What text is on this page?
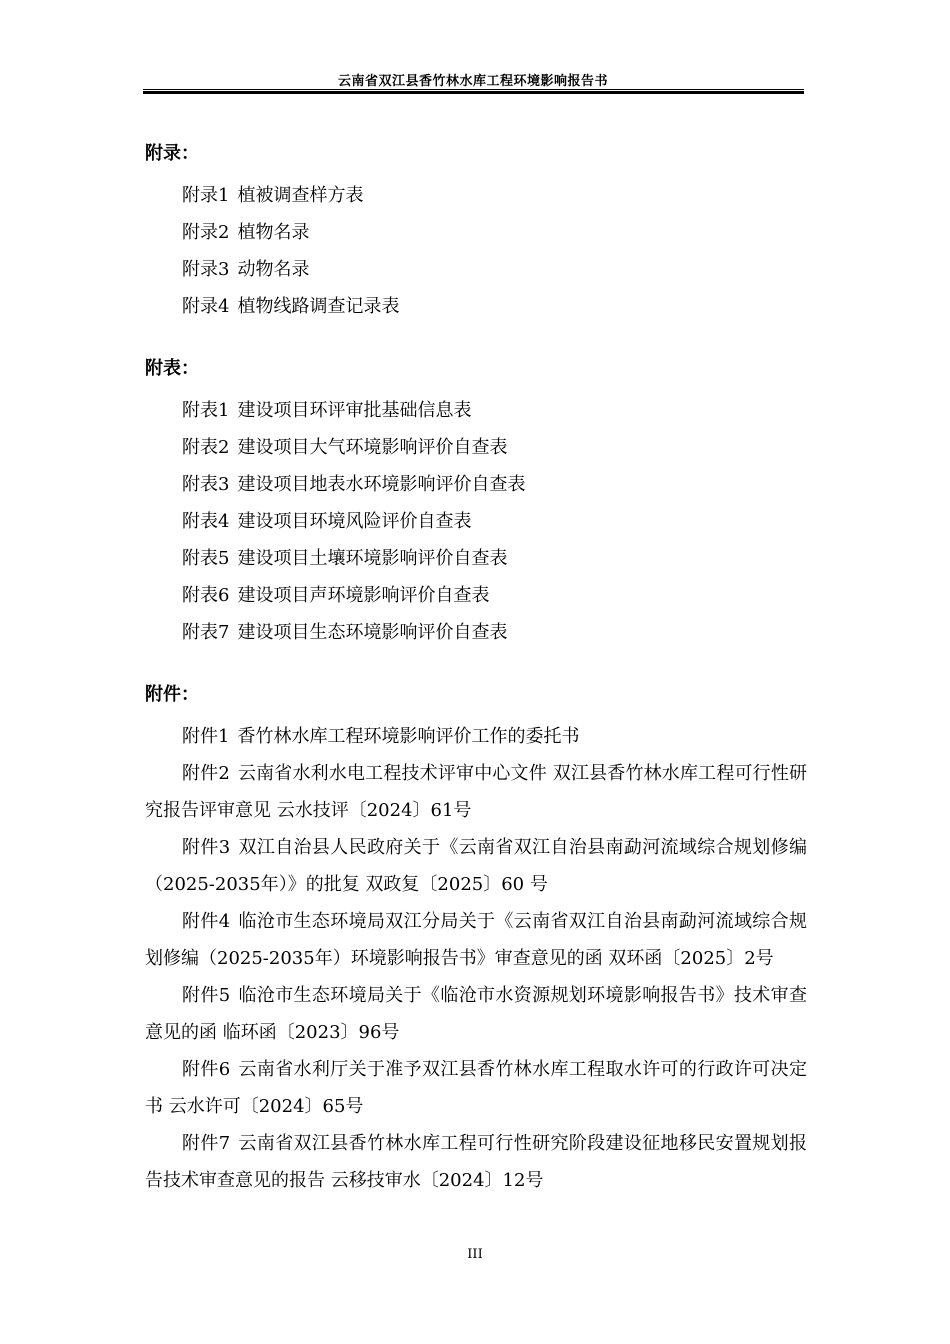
云南省双江县香竹林水库工程环境影响报告书
附录：
附录1 植被调查样方表
附录2 植物名录
附录3 动物名录
附录4 植物线路调查记录表
附表：
附表1 建设项目环评审批基础信息表
附表2 建设项目大气环境影响评价自查表
附表3 建设项目地表水环境影响评价自查表
附表4 建设项目环境风险评价自查表
附表5 建设项目土壤环境影响评价自查表
附表6 建设项目声环境影响评价自查表
附表7 建设项目生态环境影响评价自查表
附件：
附件1 香竹林水库工程环境影响评价工作的委托书
附件2 云南省水利水电工程技术评审中心文件 双江县香竹林水库工程可行性研究报告评审意见 云水技评〔2024〕61号
附件3 双江自治县人民政府关于《云南省双江自治县南勐河流域综合规划修编（2025-2035年）》的批复 双政复〔2025〕60 号
附件4 临沧市生态环境局双江分局关于《云南省双江自治县南勐河流域综合规划修编（2025-2035年）环境影响报告书》审查意见的函 双环函〔2025〕2号
附件5 临沧市生态环境局关于《临沧市水资源规划环境影响报告书》技术审查意见的函 临环函〔2023〕96号
附件6 云南省水利厅关于准予双江县香竹林水库工程取水许可的行政许可决定书 云水许可〔2024〕65号
附件7 云南省双江县香竹林水库工程可行性研究阶段建设征地移民安置规划报告技术审查意见的报告 云移技审水〔2024〕12号
III
